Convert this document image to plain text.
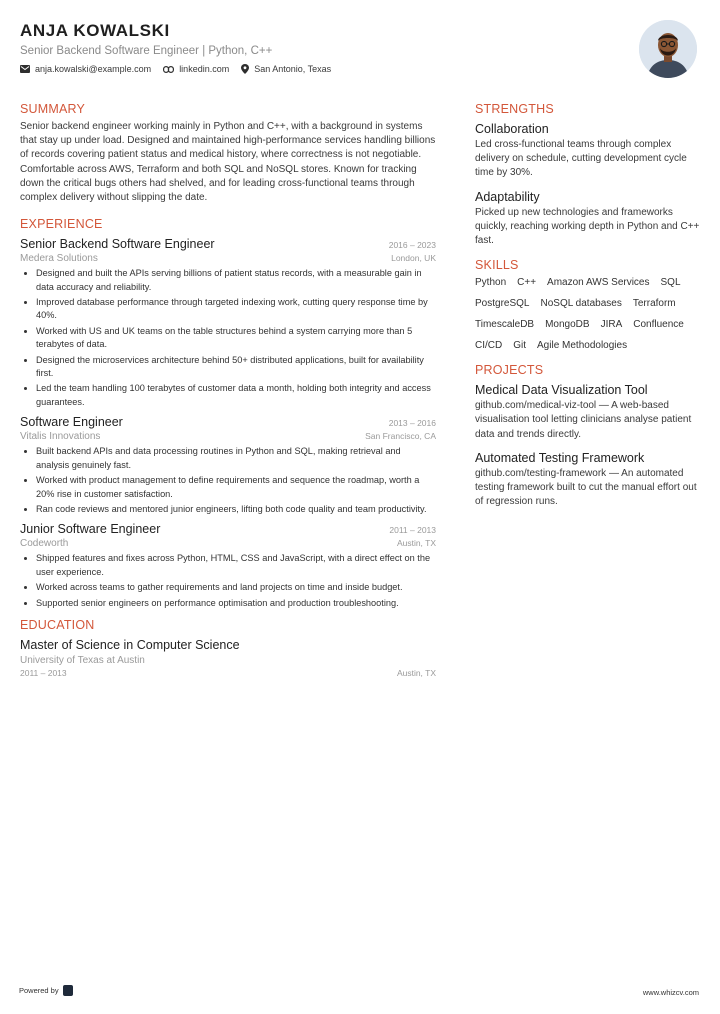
ANJA KOWALSKI
Senior Backend Software Engineer | Python, C++
anja.kowalski@example.com	linkedin.com	San Antonio, Texas
SUMMARY

Senior backend engineer working mainly in Python and C++, with a background in systems that stay up under load. Designed and maintained high-performance services handling billions of records covering patient status and medical history, where correctness is not negotiable. Comfortable across AWS, Terraform and both SQL and NoSQL stores. Known for tracking down the critical bugs others had shelved, and for leading cross-functional teams through complex delivery without slipping the date.

EXPERIENCE
Senior Backend Software Engineer	2016 – 2023
Medera Solutions	London, UK
• Designed and built the APIs serving billions of patient status records, with a measurable gain in data accuracy and reliability.
• Improved database performance through targeted indexing work, cutting query response time by 40%.
• Worked with US and UK teams on the table structures behind a system carrying more than 5 terabytes of data.
• Designed the microservices architecture behind 50+ distributed applications, built for availability first.
• Led the team handling 100 terabytes of customer data a month, holding both integrity and access guarantees.
Software Engineer	2013 – 2016
Vitalis Innovations	San Francisco, CA
• Built backend APIs and data processing routines in Python and SQL, making retrieval and analysis genuinely fast.
• Worked with product management to define requirements and sequence the roadmap, worth a 20% rise in customer satisfaction.
• Ran code reviews and mentored junior engineers, lifting both code quality and team productivity.
Junior Software Engineer	2011 – 2013
Codeworth	Austin, TX
• Shipped features and fixes across Python, HTML, CSS and JavaScript, with a direct effect on the user experience.
• Worked across teams to gather requirements and land projects on time and inside budget.
• Supported senior engineers on performance optimisation and production troubleshooting.
EDUCATION
Master of Science in Computer Science
University of Texas at Austin
2011 – 2013	Austin, TX
STRENGTHS
Collaboration

Led cross-functional teams through complex delivery on schedule, cutting development cycle time by 30%.

Adaptability

Picked up new technologies and frameworks quickly, reaching working depth in Python and C++ fast.

SKILLS
Python C++ Amazon AWS Services SQL
PostgreSQL NoSQL databases Terraform
TimescaleDB MongoDB JIRA Confluence
CI/CD Git Agile Methodologies
PROJECTS
Medical Data Visualization Tool

github.com/medical-viz-tool — A web-based visualisation tool letting clinicians analyse patient data and trends directly.

Automated Testing Framework

github.com/testing-framework — An automated testing framework built to cut the manual effort out of regression runs.

Powered by	www.whizcv.com
